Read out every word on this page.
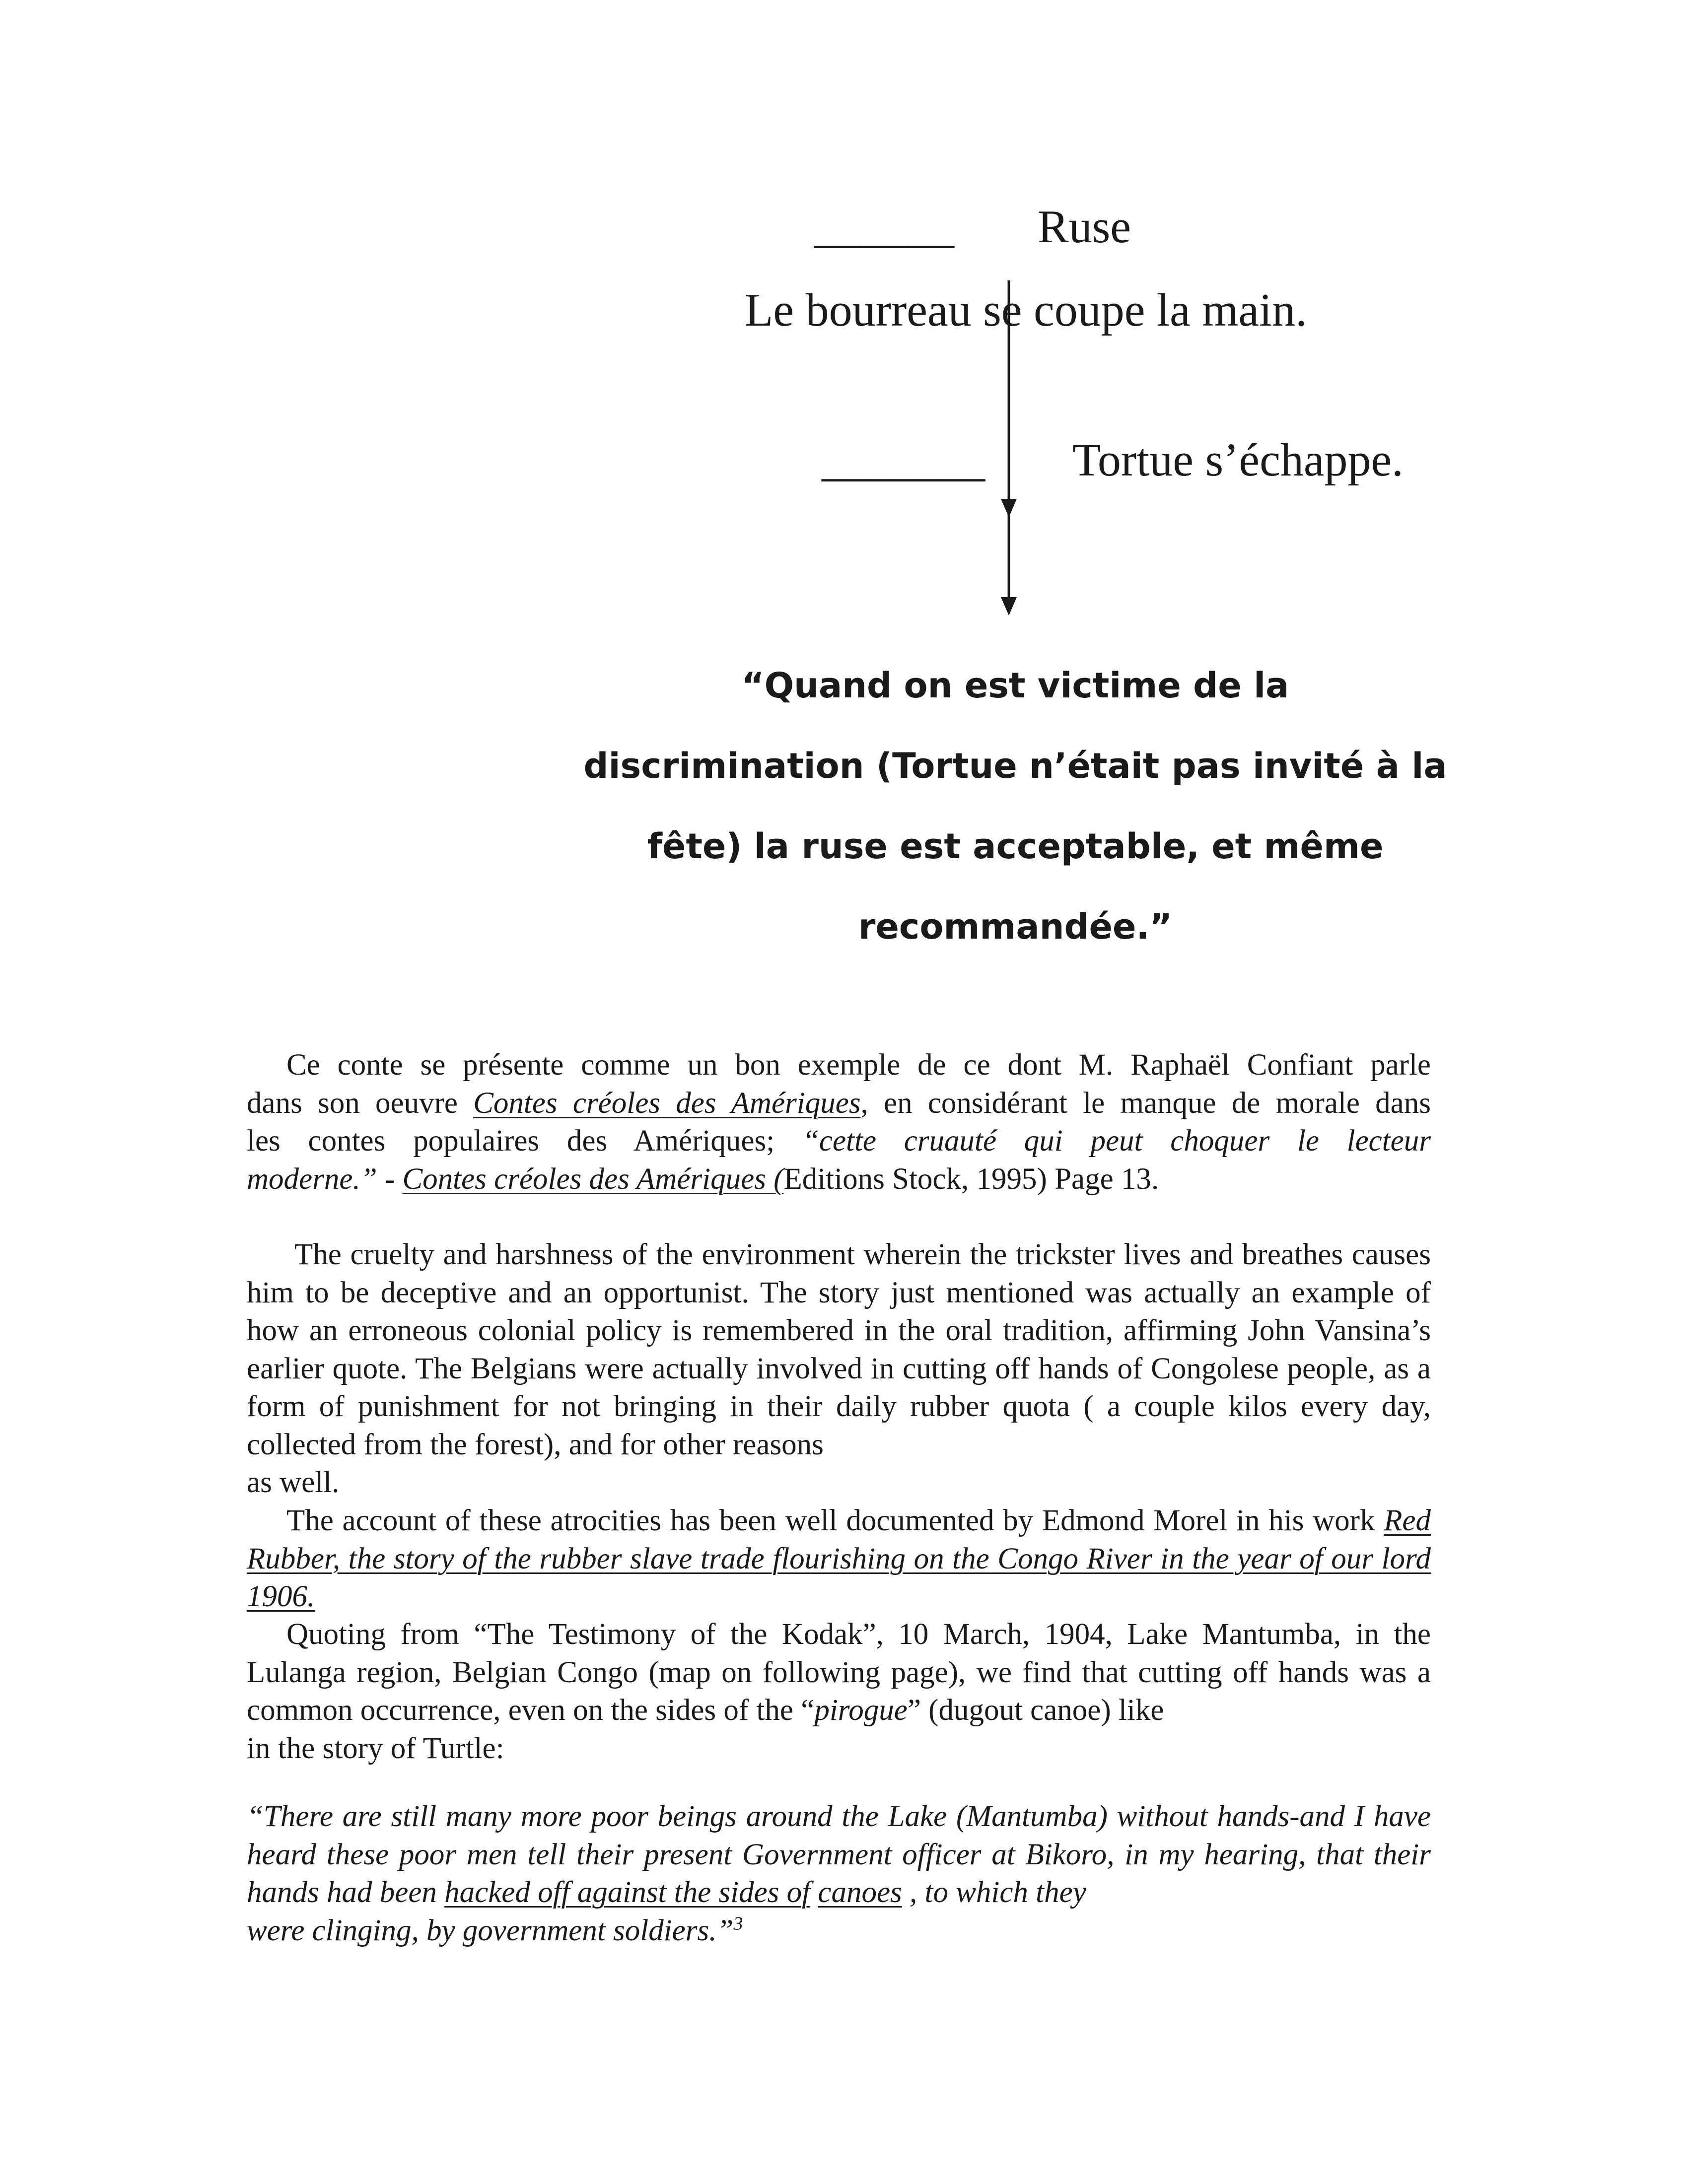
______ Ruse
Le bourreau se coupe la main.
_______ Tortue s’échappe.
“Quand on est victime de la
discrimination (Tortue n’était pas invité à la
fête) la ruse est acceptable, et même
recommandée.”
Ce conte se présente comme un bon exemple de ce dont M. Raphaël Confiant parle
dans son oeuvre Contes créoles des Amériques, en considérant le manque de morale dans
les contes populaires des Amériques; “cette cruauté qui peut choquer le lecteur
moderne.” - Contes créoles des Amériques (Editions Stock, 1995) Page 13.

The cruelty and harshness of the environment wherein the trickster lives and breathes causes him to be deceptive and an opportunist. The story just mentioned was actually an example of how an erroneous colonial policy is remembered in the oral tradition, affirming John Vansina’s earlier quote. The Belgians were actually involved in cutting off hands of Congolese people, as a form of punishment for not bringing in their daily rubber quota ( a couple kilos every day, collected from the forest), and for other reasons
as well.

The account of these atrocities has been well documented by Edmond Morel in his work Red Rubber, the story of the rubber slave trade flourishing on the Congo River in the year of our lord 1906.

Quoting from “The Testimony of the Kodak”, 10 March, 1904, Lake Mantumba, in the Lulanga region, Belgian Congo (map on following page), we find that cutting off hands was a common occurrence, even on the sides of the “pirogue” (dugout canoe) like
in the story of Turtle:

“There are still many more poor beings around the Lake (Mantumba) without hands-and I have heard these poor men tell their present Government officer at Bikoro, in my hearing, that their hands had been hacked off against the sides of canoes , to which they
were clinging, by government soldiers.”$^3$
